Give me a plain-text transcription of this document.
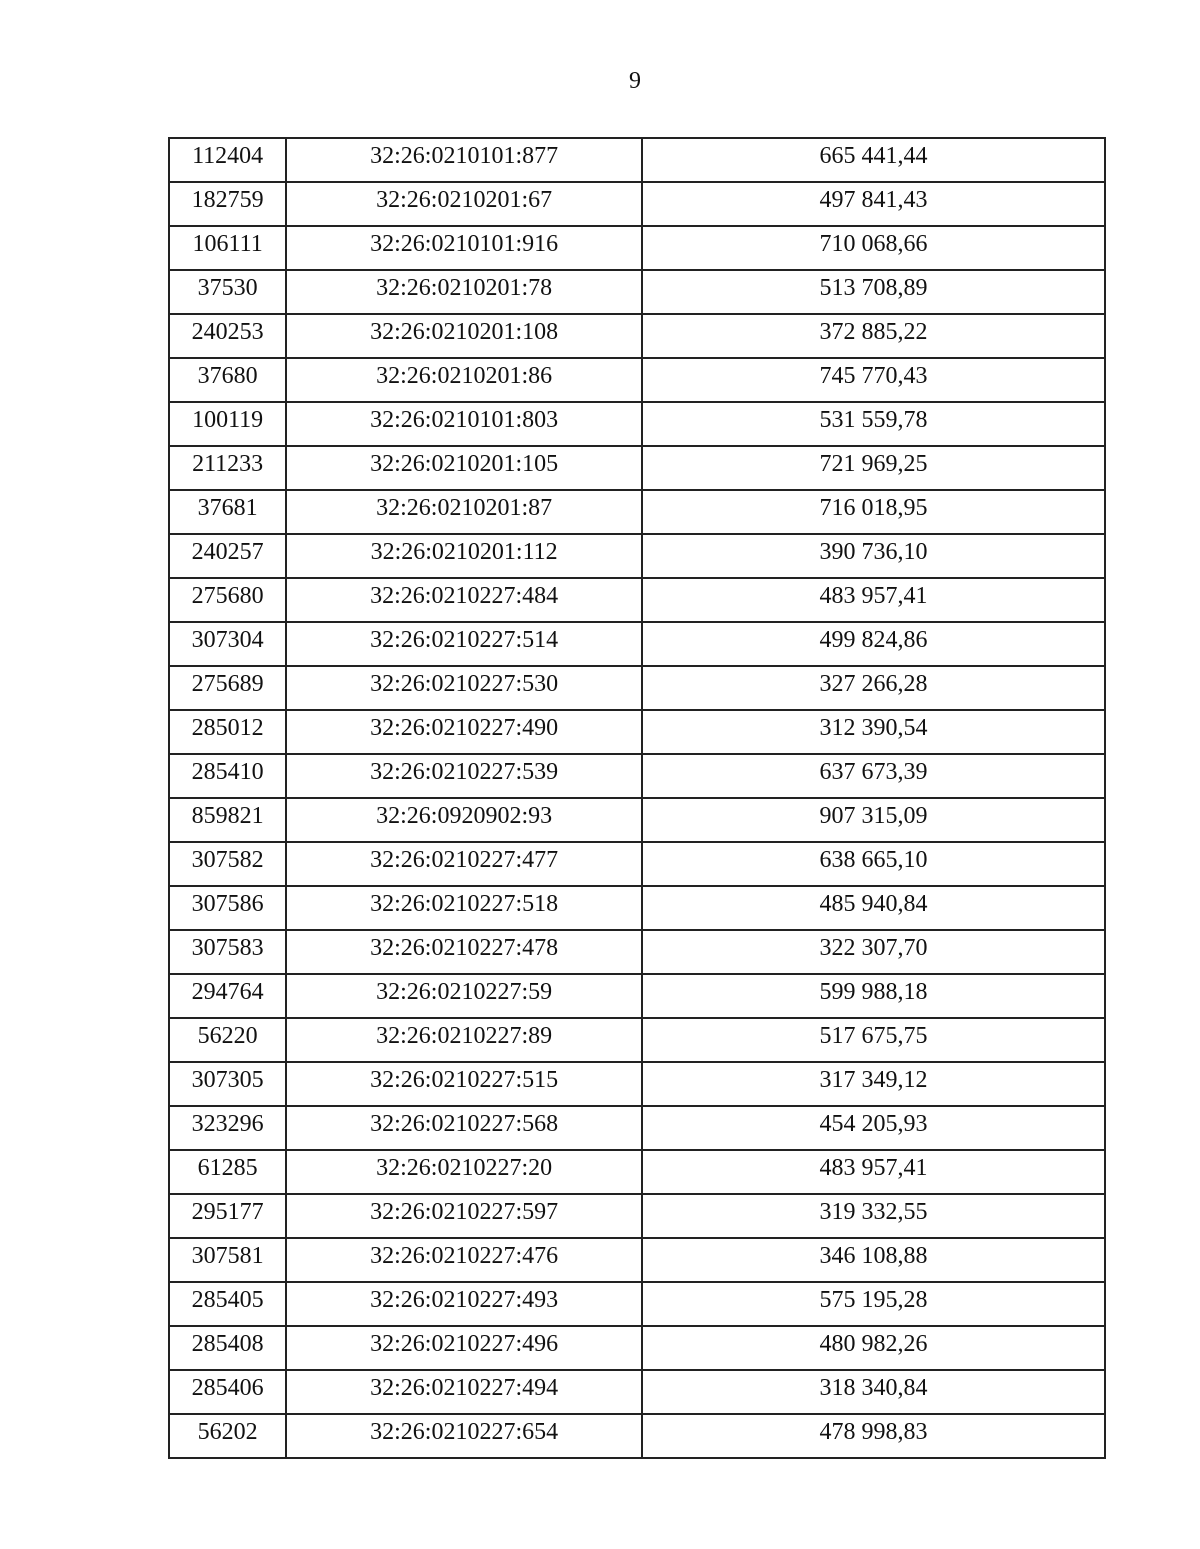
9
112404	32:26:0210101:877	665 441,44
182759	32:26:0210201:67	497 841,43
106111	32:26:0210101:916	710 068,66
37530	32:26:0210201:78	513 708,89
240253	32:26:0210201:108	372 885,22
37680	32:26:0210201:86	745 770,43
100119	32:26:0210101:803	531 559,78
211233	32:26:0210201:105	721 969,25
37681	32:26:0210201:87	716 018,95
240257	32:26:0210201:112	390 736,10
275680	32:26:0210227:484	483 957,41
307304	32:26:0210227:514	499 824,86
275689	32:26:0210227:530	327 266,28
285012	32:26:0210227:490	312 390,54
285410	32:26:0210227:539	637 673,39
859821	32:26:0920902:93	907 315,09
307582	32:26:0210227:477	638 665,10
307586	32:26:0210227:518	485 940,84
307583	32:26:0210227:478	322 307,70
294764	32:26:0210227:59	599 988,18
56220	32:26:0210227:89	517 675,75
307305	32:26:0210227:515	317 349,12
323296	32:26:0210227:568	454 205,93
61285	32:26:0210227:20	483 957,41
295177	32:26:0210227:597	319 332,55
307581	32:26:0210227:476	346 108,88
285405	32:26:0210227:493	575 195,28
285408	32:26:0210227:496	480 982,26
285406	32:26:0210227:494	318 340,84
56202	32:26:0210227:654	478 998,83
